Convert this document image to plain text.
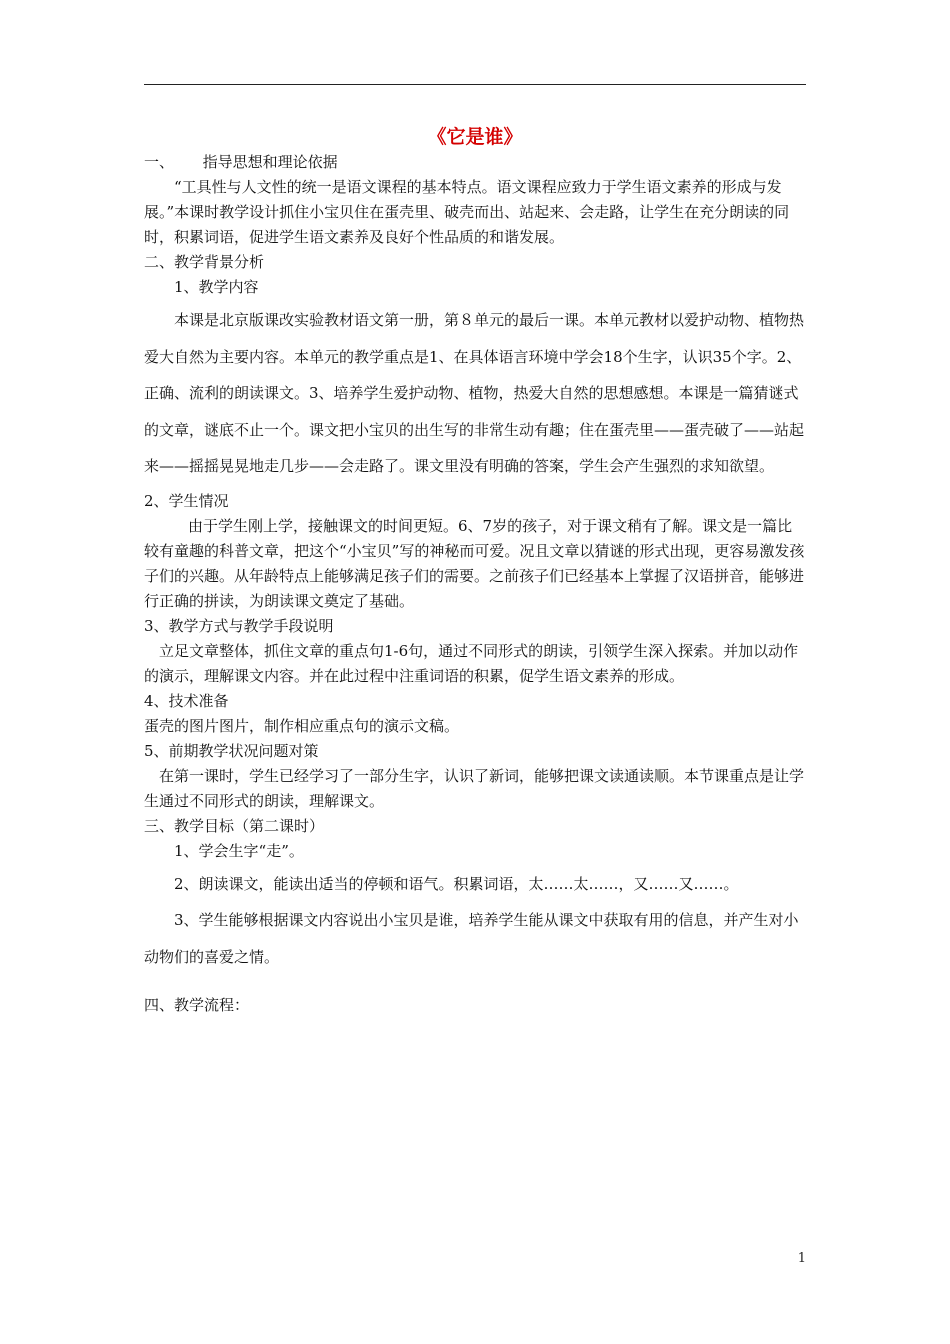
《它是谁》

一、      指导思想和理论依据

“工具性与人文性的统一是语文课程的基本特点。语文课程应致力于学生语文素养的形成与发展。”本课时教学设计抓住小宝贝住在蛋壳里、破壳而出、站起来、会走路，让学生在充分朗读的同时，积累词语，促进学生语文素养及良好个性品质的和谐发展。

二、教学背景分析

1、教学内容

本课是北京版课改实验教材语文第一册，第８单元的最后一课。本单元教材以爱护动物、植物热爱大自然为主要内容。本单元的教学重点是1、在具体语言环境中学会18个生字，认识35个字。2、正确、流利的朗读课文。3、培养学生爱护动物、植物，热爱大自然的思想感想。本课是一篇猜谜式的文章，谜底不止一个。课文把小宝贝的出生写的非常生动有趣；住在蛋壳里——蛋壳破了——站起来——摇摇晃晃地走几步——会走路了。课文里没有明确的答案，学生会产生强烈的求知欲望。

2、学生情况

由于学生刚上学，接触课文的时间更短。6、7岁的孩子，对于课文稍有了解。课文是一篇比较有童趣的科普文章，把这个“小宝贝”写的神秘而可爱。况且文章以猜谜的形式出现，更容易激发孩子们的兴趣。从年龄特点上能够满足孩子们的需要。之前孩子们已经基本上掌握了汉语拼音，能够进行正确的拼读，为朗读课文奠定了基础。

3、教学方式与教学手段说明

立足文章整体，抓住文章的重点句1-6句，通过不同形式的朗读，引领学生深入探索。并加以动作的演示，理解课文内容。并在此过程中注重词语的积累，促学生语文素养的形成。

4、技术准备

蛋壳的图片图片，制作相应重点句的演示文稿。

5、前期教学状况问题对策

在第一课时，学生已经学习了一部分生字，认识了新词，能够把课文读通读顺。本节课重点是让学生通过不同形式的朗读，理解课文。

三、教学目标（第二课时）

1、学会生字“走”。

2、朗读课文，能读出适当的停顿和语气。积累词语，太……太……，又……又……。

3、学生能够根据课文内容说出小宝贝是谁，培养学生能从课文中获取有用的信息，并产生对小动物们的喜爱之情。

四、教学流程：

1
